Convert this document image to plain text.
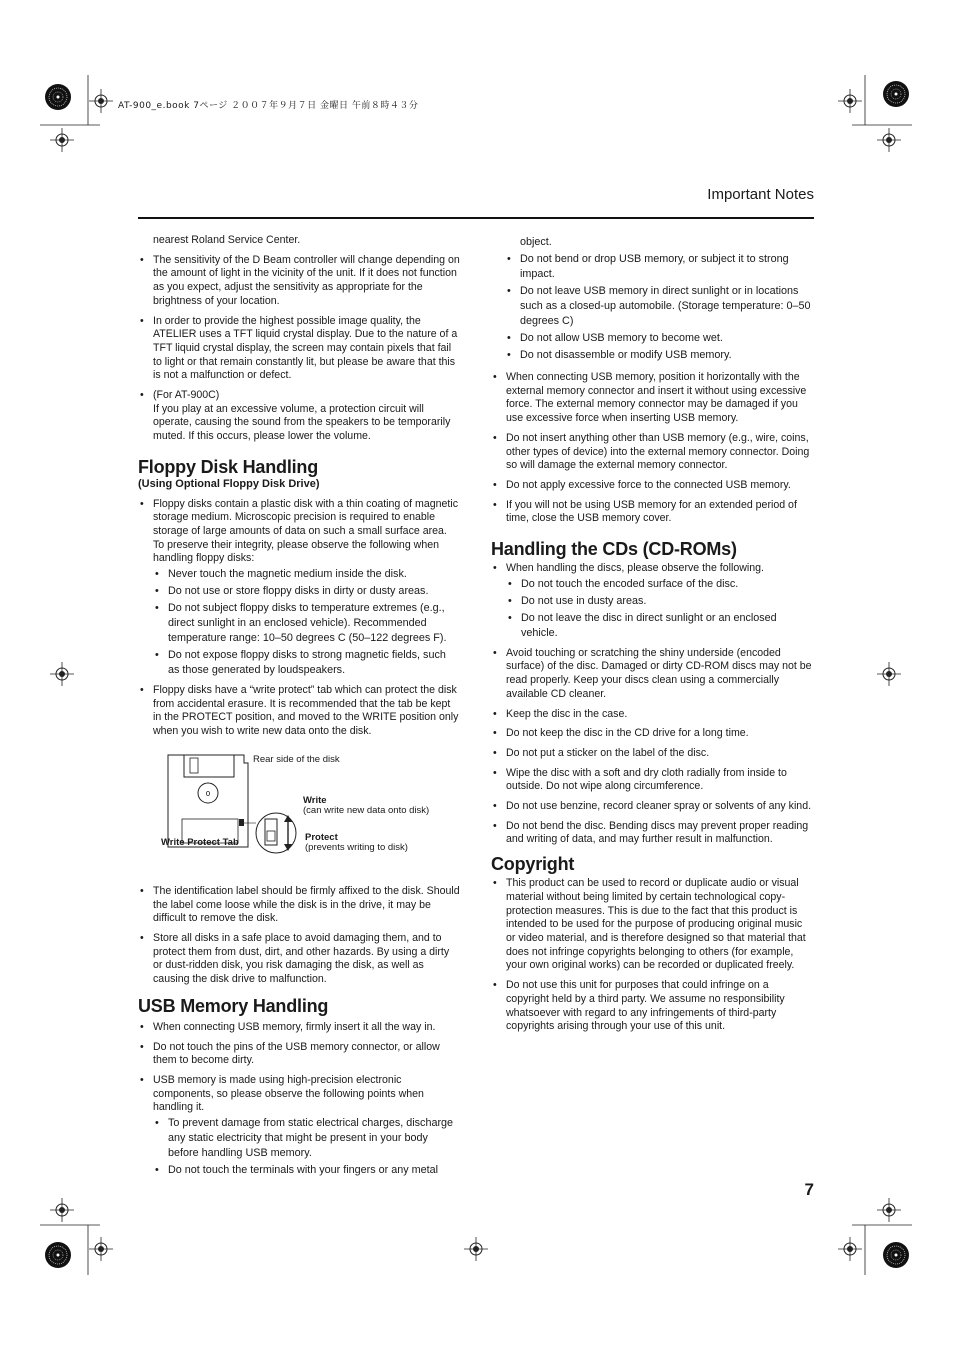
AT-900_e.book 7ページ ２００７年９月７日 金曜日 午前８時４３分
Important Notes
nearest Roland Service Center.
• The sensitivity of the D Beam controller will change depending on the amount of light in the vicinity of the unit. If it does not function as you expect, adjust the sensitivity as appropriate for the brightness of your location.
• In order to provide the highest possible image quality, the ATELIER uses a TFT liquid crystal display. Due to the nature of a TFT liquid crystal display, the screen may contain pixels that fail to light or that remain constantly lit, but please be aware that this is not a malfunction or defect.
• (For AT-900C)
If you play at an excessive volume, a protection circuit will operate, causing the sound from the speakers to be temporarily muted. If this occurs, please lower the volume.
Floppy Disk Handling
(Using Optional Floppy Disk Drive)
• Floppy disks contain a plastic disk with a thin coating of magnetic storage medium. Microscopic precision is required to enable storage of large amounts of data on such a small surface area. To preserve their integrity, please observe the following when handling floppy disks:
• Never touch the magnetic medium inside the disk.
• Do not use or store floppy disks in dirty or dusty areas.
• Do not subject floppy disks to temperature extremes (e.g., direct sunlight in an enclosed vehicle). Recommended temperature range: 10–50 degrees C (50–122 degrees F).
• Do not expose floppy disks to strong magnetic fields, such as those generated by loudspeakers.
• Floppy disks have a “write protect” tab which can protect the disk from accidental erasure. It is recommended that the tab be kept in the PROTECT position, and moved to the WRITE position only when you wish to write new data onto the disk.
0
Rear side of the disk
Write
(can write new data onto disk)
Protect
(prevents writing to disk)
Write Protect Tab
• The identification label should be firmly affixed to the disk. Should the label come loose while the disk is in the drive, it may be difficult to remove the disk.
• Store all disks in a safe place to avoid damaging them, and to protect them from dust, dirt, and other hazards. By using a dirty or dust-ridden disk, you risk damaging the disk, as well as causing the disk drive to malfunction.
USB Memory Handling
• When connecting USB memory, firmly insert it all the way in.
• Do not touch the pins of the USB memory connector, or allow them to become dirty.
• USB memory is made using high-precision electronic components, so please observe the following points when handling it.
• To prevent damage from static electrical charges, discharge any static electricity that might be present in your body before handling USB memory.
• Do not touch the terminals with your fingers or any metal
object.
• Do not bend or drop USB memory, or subject it to strong impact.
• Do not leave USB memory in direct sunlight or in locations such as a closed-up automobile. (Storage temperature: 0–50 degrees C)
• Do not allow USB memory to become wet.
• Do not disassemble or modify USB memory.
• When connecting USB memory, position it horizontally with the external memory connector and insert it without using excessive force. The external memory connector may be damaged if you use excessive force when inserting USB memory.
• Do not insert anything other than USB memory (e.g., wire, coins, other types of device) into the external memory connector. Doing so will damage the external memory connector.
• Do not apply excessive force to the connected USB memory.
• If you will not be using USB memory for an extended period of time, close the USB memory cover.
Handling the CDs (CD-ROMs)
• When handling the discs, please observe the following.
• Do not touch the encoded surface of the disc.
• Do not use in dusty areas.
• Do not leave the disc in direct sunlight or an enclosed vehicle.
• Avoid touching or scratching the shiny underside (encoded surface) of the disc. Damaged or dirty CD-ROM discs may not be read properly. Keep your discs clean using a commercially available CD cleaner.
• Keep the disc in the case.
• Do not keep the disc in the CD drive for a long time.
• Do not put a sticker on the label of the disc.
• Wipe the disc with a soft and dry cloth radially from inside to outside. Do not wipe along circumference.
• Do not use benzine, record cleaner spray or solvents of any kind.
• Do not bend the disc. Bending discs may prevent proper reading and writing of data, and may further result in malfunction.
Copyright
• This product can be used to record or duplicate audio or visual material without being limited by certain technological copy-protection measures. This is due to the fact that this product is intended to be used for the purpose of producing original music or video material, and is therefore designed so that material that does not infringe copyrights belonging to others (for example, your own original works) can be recorded or duplicated freely.
• Do not use this unit for purposes that could infringe on a copyright held by a third party. We assume no responsibility whatsoever with regard to any infringements of third-party copyrights arising through your use of this unit.
7
